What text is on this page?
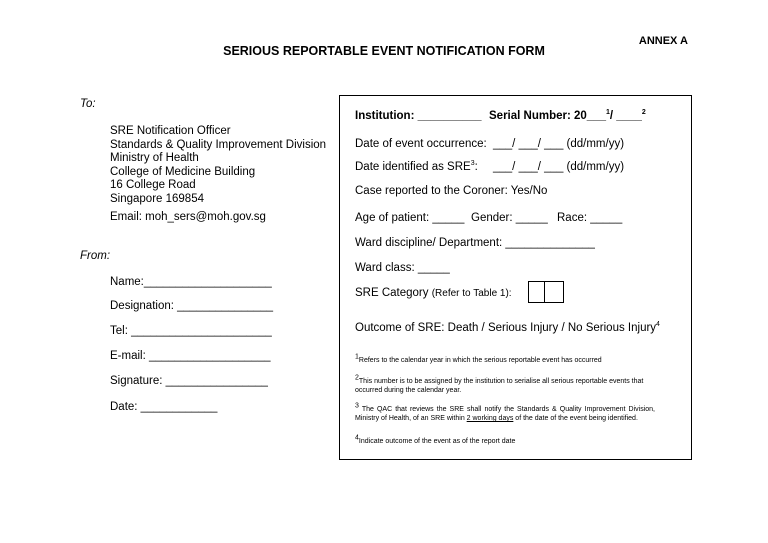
ANNEX A
SERIOUS REPORTABLE EVENT NOTIFICATION FORM
To:
SRE Notification Officer
Standards & Quality Improvement Division
Ministry of Health
College of Medicine Building
16 College Road
Singapore 169854
Email: moh_sers@moh.gov.sg
From:
Name:____________________
Designation: _______________
Tel: ______________________
E-mail: ___________________
Signature: ________________
Date: ____________
Institution: __________ Serial Number: 20___$^1$/ ____$^2$
Date of event occurrence: ___/ ___/ ___ (dd/mm/yy)
Date identified as SRE$^3$: ___/ ___/ ___ (dd/mm/yy)
Case reported to the Coroner: Yes/No
Age of patient: _____ Gender: _____ Race: _____
Ward discipline/ Department: ______________
Ward class: _____
SRE Category (Refer to Table 1):
Outcome of SRE: Death / Serious Injury / No Serious Injury$^4$
$^1$Refers to the calendar year in which the serious reportable event has occurred
$^2$This number is to be assigned by the institution to serialise all serious reportable events that occurred during the calendar year.
$^3$ The QAC that reviews the SRE shall notify the Standards & Quality Improvement Division, Ministry of Health, of an SRE within 2 working days of the date of the event being identified.
$^4$Indicate outcome of the event as of the report date
